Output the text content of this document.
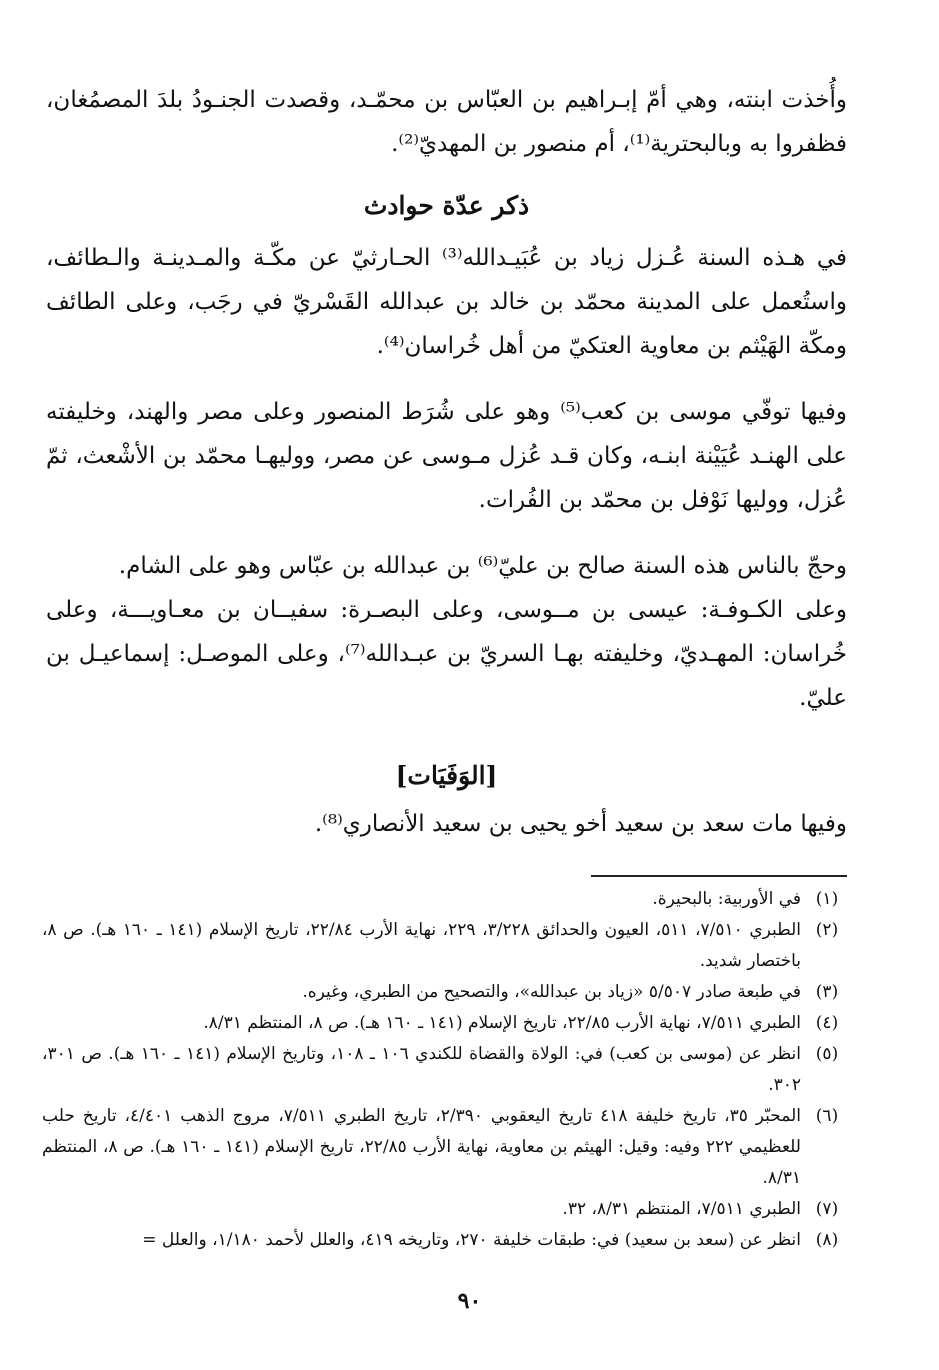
وأُخذت ابنته، وهي أمّ إبـراهيم بن العبّاس بن محمّـد، وقصدت الجنـودُ بلدَ المصمُغان، فظفروا به وبالبحترية⁽¹⁾، أم منصور بن المهديّ⁽²⁾.

ذكر عدّة حوادث

في هـذه السنة عُـزل زياد بن عُبَيـدالله⁽³⁾ الحـارثيّ عن مكّـة والمـدينـة والـطائف، واستُعمل على المدينة محمّد بن خالد بن عبدالله القَسْريّ في رجَب، وعلى الطائف ومكّة الهَيْثم بن معاوية العتكيّ من أهل خُراسان⁽⁴⁾.

وفيها توفّي موسى بن كعب⁽⁵⁾ وهو على شُرَط المنصور وعلى مصر والهند، وخليفته على الهنـد عُيَيْنة ابنـه، وكان قـد عُزل مـوسى عن مصر، ووليهـا محمّد بن الأشْعث، ثمّ عُزل، ووليها نَوْفل بن محمّد بن الفُرات.

وحجّ بالناس هذه السنة صالح بن عليّ⁽⁶⁾ بن عبدالله بن عبّاس وهو على الشام.

وعلى الكـوفـة: عيسى بن مــوسى، وعلى البصـرة: سفيــان بن معـاويـــة، وعلى خُراسان: المهـديّ، وخليفته بهـا السريّ بن عبـدالله⁽⁷⁾، وعلى الموصـل: إسماعيـل بن عليّ.

[الوَفَيَات]

وفيها مات سعد بن سعيد أخو يحيى بن سعيد الأنصاري⁽⁸⁾.

(١)
في الأوربية: بالبحيرة.
(٢)
الطبري ٧/٥١٠، ٥١١، العيون والحدائق ٣/٢٢٨، ٢٢٩، نهاية الأرب ٢٢/٨٤، تاريخ الإسلام (١٤١ ـ ١٦٠ هـ). ص ٨، باختصار شديد.
(٣)
في طبعة صادر ٥/٥٠٧ «زياد بن عبدالله»، والتصحيح من الطبري، وغيره.
(٤)
الطبري ٧/٥١١، نهاية الأرب ٢٢/٨٥، تاريخ الإسلام (١٤١ ـ ١٦٠ هـ). ص ٨، المنتظم ٨/٣١.
(٥)
انظر عن (موسى بن كعب) في: الولاة والقضاة للكندي ١٠٦ ـ ١٠٨، وتاريخ الإسلام (١٤١ ـ ١٦٠ هـ). ص ٣٠١، ٣٠٢.
(٦)
المحبّر ٣٥، تاريخ خليفة ٤١٨ تاريخ اليعقوبي ٢/٣٩٠، تاريخ الطبري ٧/٥١١، مروج الذهب ٤/٤٠١، تاريخ حلب للعظيمي ٢٢٢ وفيه: وقيل: الهيثم بن معاوية، نهاية الأرب ٢٢/٨٥، تاريخ الإسلام (١٤١ ـ ١٦٠ هـ). ص ٨، المنتظم ٨/٣١.
(٧)
الطبري ٧/٥١١، المنتظم ٨/٣١، ٣٢.
(٨)
انظر عن (سعد بن سعيد) في: طبقات خليفة ٢٧٠، وتاريخه ٤١٩، والعلل لأحمد ١/١٨٠، والعلل =
٩٠
